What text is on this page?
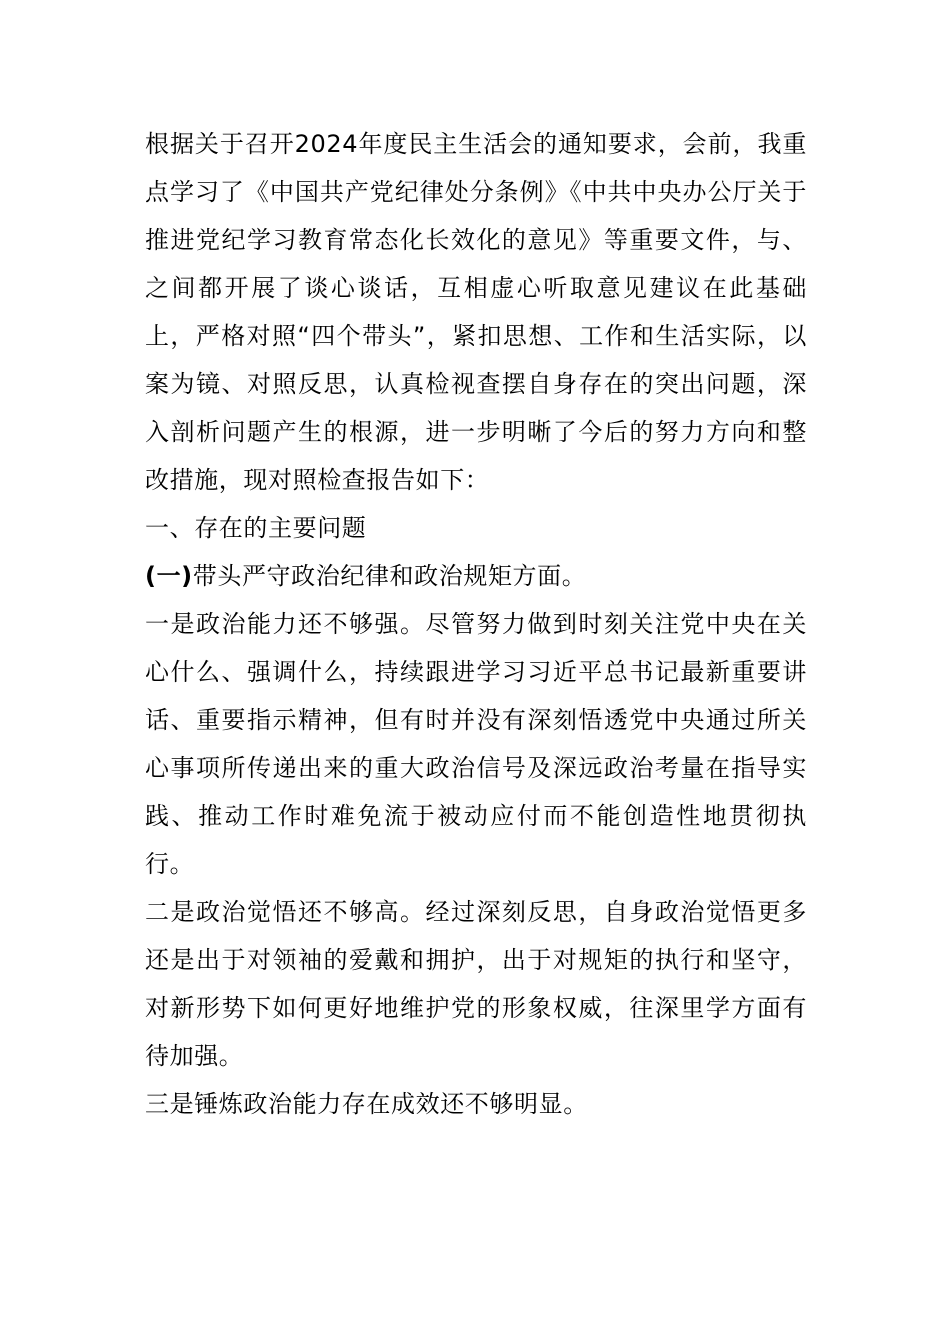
根据关于召开2024年度民主生活会的通知要求，会前，我重点学习了《中国共产党纪律处分条例》《中共中央办公厅关于推进党纪学习教育常态化长效化的意见》等重要文件，与、之间都开展了谈心谈话，互相虚心听取意见建议在此基础上，严格对照“四个带头”，紧扣思想、工作和生活实际，以案为镜、对照反思，认真检视查摆自身存在的突出问题，深入剖析问题产生的根源，进一步明晰了今后的努力方向和整改措施，现对照检查报告如下：

一、存在的主要问题

(一)带头严守政治纪律和政治规矩方面。

一是政治能力还不够强。尽管努力做到时刻关注党中央在关心什么、强调什么，持续跟进学习习近平总书记最新重要讲话、重要指示精神，但有时并没有深刻悟透党中央通过所关心事项所传递出来的重大政治信号及深远政治考量在指导实践、推动工作时难免流于被动应付而不能创造性地贯彻执行。

二是政治觉悟还不够高。经过深刻反思，自身政治觉悟更多还是出于对领袖的爱戴和拥护，出于对规矩的执行和坚守，对新形势下如何更好地维护党的形象权威，往深里学方面有待加强。

三是锤炼政治能力存在成效还不够明显。
